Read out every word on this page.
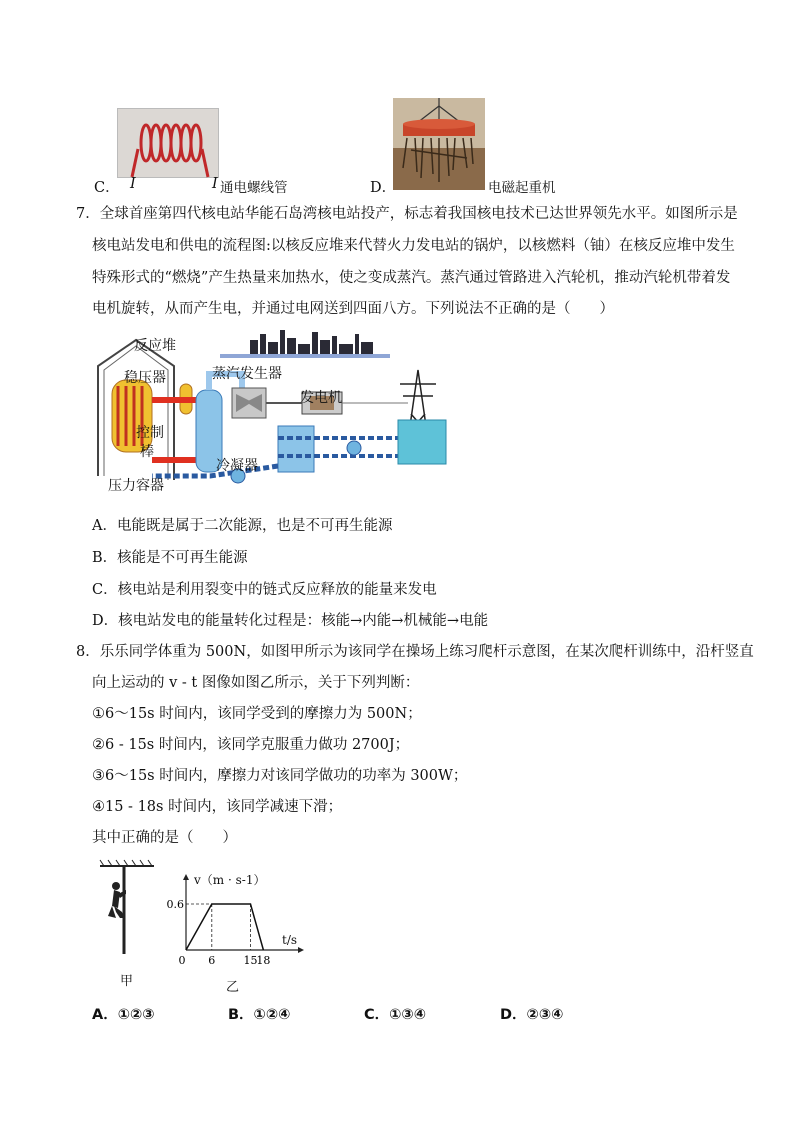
C． I	I 通电螺线管	D．	电磁起重机
7．全球首座第四代核电站华能石岛湾核电站投产，标志着我国核电技术已达世界领先水平。如图所示是
核电站发电和供电的流程图:以核反应堆来代替火力发电站的锅炉，以核燃料（铀）在核反应堆中发生
特殊形式的“燃烧”产生热量来加热水，使之变成蒸汽。蒸汽通过管路进入汽轮机，推动汽轮机带着发
电机旋转，从而产生电，并通过电网送到四面八方。下列说法不正确的是（　　）
反应堆
稳压器	蒸汽发生器
发电机
控制
棒
冷凝器
压力容器
A．电能既是属于二次能源，也是不可再生能源
B．核能是不可再生能源
C．核电站是利用裂变中的链式反应释放的能量来发电
D．核电站发电的能量转化过程是：核能→内能→机械能→电能
8．乐乐同学体重为 500N，如图甲所示为该同学在操场上练习爬杆示意图，在某次爬杆训练中，沿杆竖直
向上运动的 v - t 图像如图乙所示，关于下列判断：
①6～15s 时间内，该同学受到的摩擦力为 500N；
②6 - 15s 时间内，该同学克服重力做功 2700J；
③6～15s 时间内，摩擦力对该同学做功的功率为 300W；
④15 - 18s 时间内，该同学减速下滑；
其中正确的是（　　）
甲
0 6	15
18
0.6
v（m · s-1）
t/s
乙
A．①②③	B．①②④	C．①③④	D．②③④
